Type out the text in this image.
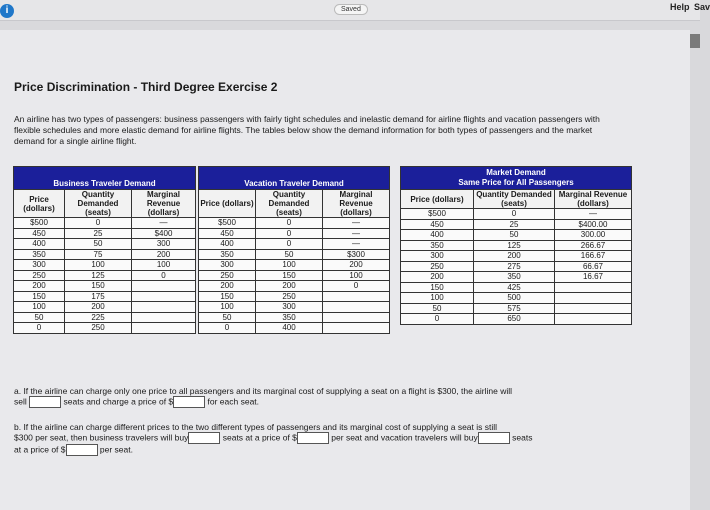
i	Saved	Help Sav
Price Discrimination - Third Degree Exercise 2
An airline has two types of passengers: business passengers with fairly tight schedules and inelastic demand for airline flights and vacation passengers with flexible schedules and more elastic demand for airline flights. The tables below show the demand information for both types of passengers and the market demand for a single airline flight.
Business Traveler Demand		
Price (dollars)	Quantity Demanded (seats)	Marginal Revenue (dollars)
$500	0	—
450	25	$400
400	50	300
350	75	200
300	100	100
250	125	0
200	150	
150	175	
100	200	
50	225	
0	250	
Vacation Traveler Demand		
Price (dollars)	Quantity Demanded (seats)	Marginal Revenue (dollars)
$500	0	—
450	0	—
400	0	—
350	50	$300
300	100	200
250	150	100
200	200	0
150	250	
100	300	
50	350	
0	400	
Market Demand
Same Price for All Passengers		
Price (dollars)	Quantity Demanded (seats)	Marginal Revenue (dollars)
$500	0	—
450	25	$400.00
400	50	300.00
350	125	266.67
300	200	166.67
250	275	66.67
200	350	16.67
150	425	
100	500	
50	575	
0	650	
a. If the airline can charge only one price to all passengers and its marginal cost of supplying a seat on a flight is $300, the airline will
sell	seats and charge a price of $	for each seat.
b. If the airline can charge different prices to the two different types of passengers and its marginal cost of supplying a seat is still
$300 per seat, then business travelers will buy	seats at a price of $	per seat and vacation travelers will buy	seats
at a price of $	per seat.
